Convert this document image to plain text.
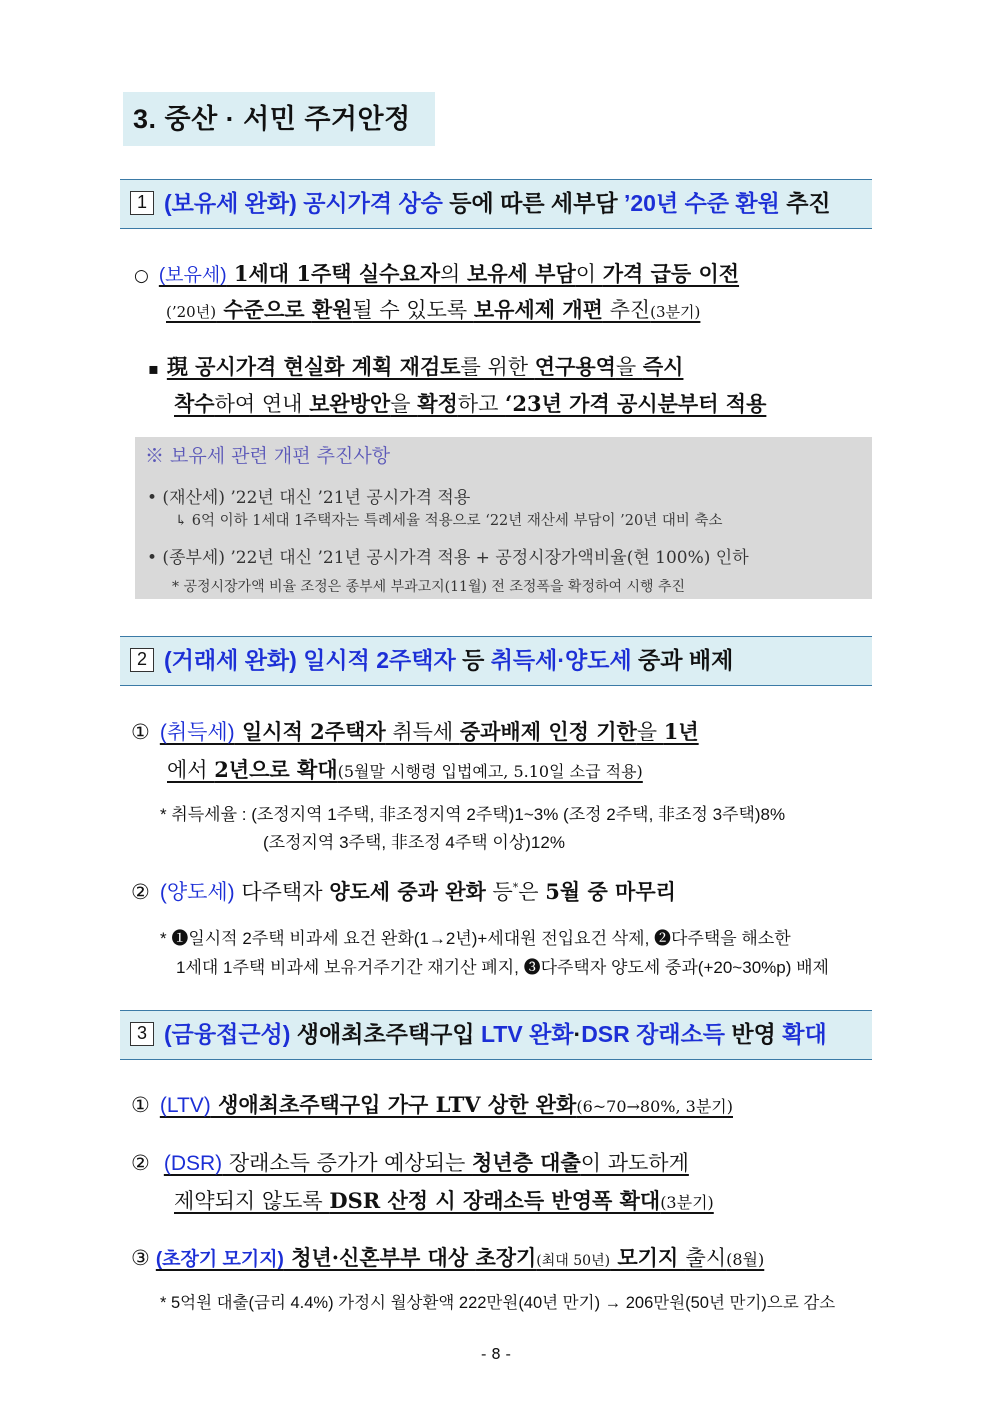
3. 중산 · 서민 주거안정
1 (보유세 완화) 공시가격 상승 등에 따른 세부담 ’20년 수준 환원 추진
○ (보유세) 1세대 1주택 실수요자의 보유세 부담이 가격 급등 이전
(’20년) 수준으로 환원될 수 있도록 보유세제 개편 추진(3분기)
▪ 現 공시가격 현실화 계획 재검토를 위한 연구용역을 즉시
착수하여 연내 보완방안을 확정하고 ‘23년 가격 공시분부터 적용
※ 보유세 관련 개편 추진사항
• (재산세) ’22년 대신 ’21년 공시가격 적용
↳ 6억 이하 1세대 1주택자는 특례세율 적용으로 ‘22년 재산세 부담이 ’20년 대비 축소
• (종부세) ’22년 대신 ’21년 공시가격 적용 + 공정시장가액비율(현 100%) 인하
* 공정시장가액 비율 조정은 종부세 부과고지(11월) 전 조정폭을 확정하여 시행 추진
2 (거래세 완화) 일시적 2주택자 등 취득세·양도세 중과 배제
① (취득세) 일시적 2주택자 취득세 중과배제 인정 기한을 1년
에서 2년으로 확대(5월말 시행령 입법예고, 5.10일 소급 적용)
* 취득세율 : (조정지역 1주택, 非조정지역 2주택)1~3% (조정 2주택, 非조정 3주택)8%
(조정지역 3주택, 非조정 4주택 이상)12%
② (양도세) 다주택자 양도세 중과 완화 등*은 5월 중 마무리
* ❶일시적 2주택 비과세 요건 완화(1→2년)+세대원 전입요건 삭제, ❷다주택을 해소한
1세대 1주택 비과세 보유거주기간 재기산 폐지, ❸다주택자 양도세 중과(+20~30%p) 배제
3 (금융접근성) 생애최초주택구입 LTV 완화·DSR 장래소득 반영 확대
① (LTV) 생애최초주택구입 가구 LTV 상한 완화(6~70→80%, 3분기)
② (DSR) 장래소득 증가가 예상되는 청년층 대출이 과도하게
제약되지 않도록 DSR 산정 시 장래소득 반영폭 확대(3분기)
③ (초장기 모기지) 청년·신혼부부 대상 초장기(최대 50년) 모기지 출시(8월)
* 5억원 대출(금리 4.4%) 가정시 월상환액 222만원(40년 만기) → 206만원(50년 만기)으로 감소
- 8 -
